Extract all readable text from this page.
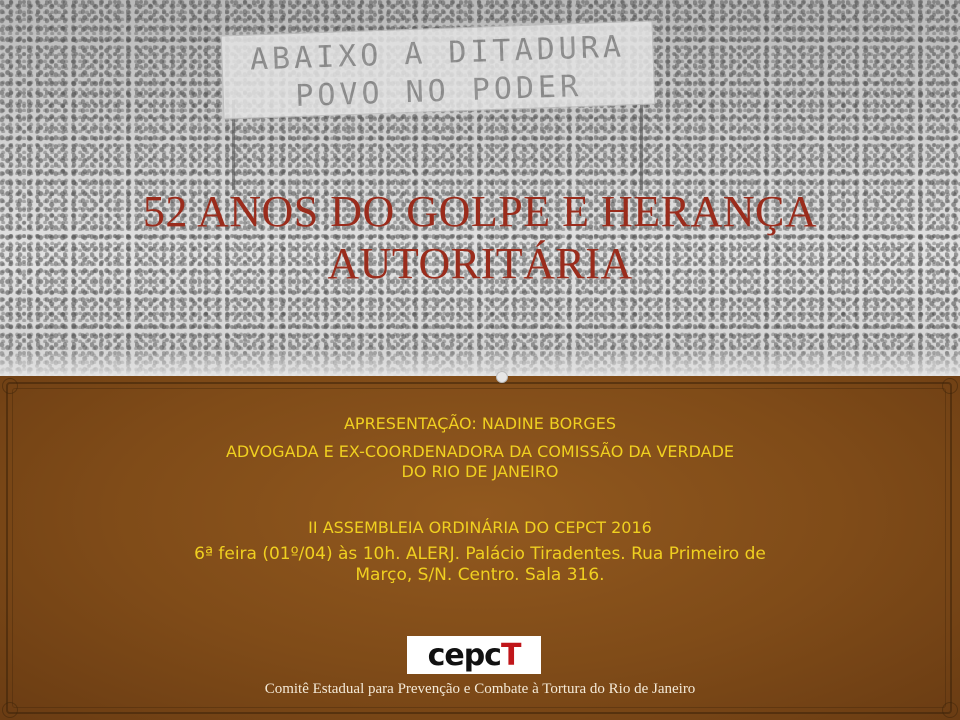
ABAIXO A DITADURA
POVO NO PODER
52 ANOS DO GOLPE E HERANÇA AUTORITÁRIA

APRESENTAÇÃO: NADINE BORGES

ADVOGADA E EX-COORDENADORA DA COMISSÃO DA VERDADE

DO RIO DE JANEIRO

II ASSEMBLEIA ORDINÁRIA DO CEPCT 2016

6ª feira (01º/04) às 10h. ALERJ. Palácio Tiradentes. Rua Primeiro de

Março, S/N. Centro. Sala 316.

cepc T
Comitê Estadual para Prevenção e Combate à Tortura do Rio de Janeiro
